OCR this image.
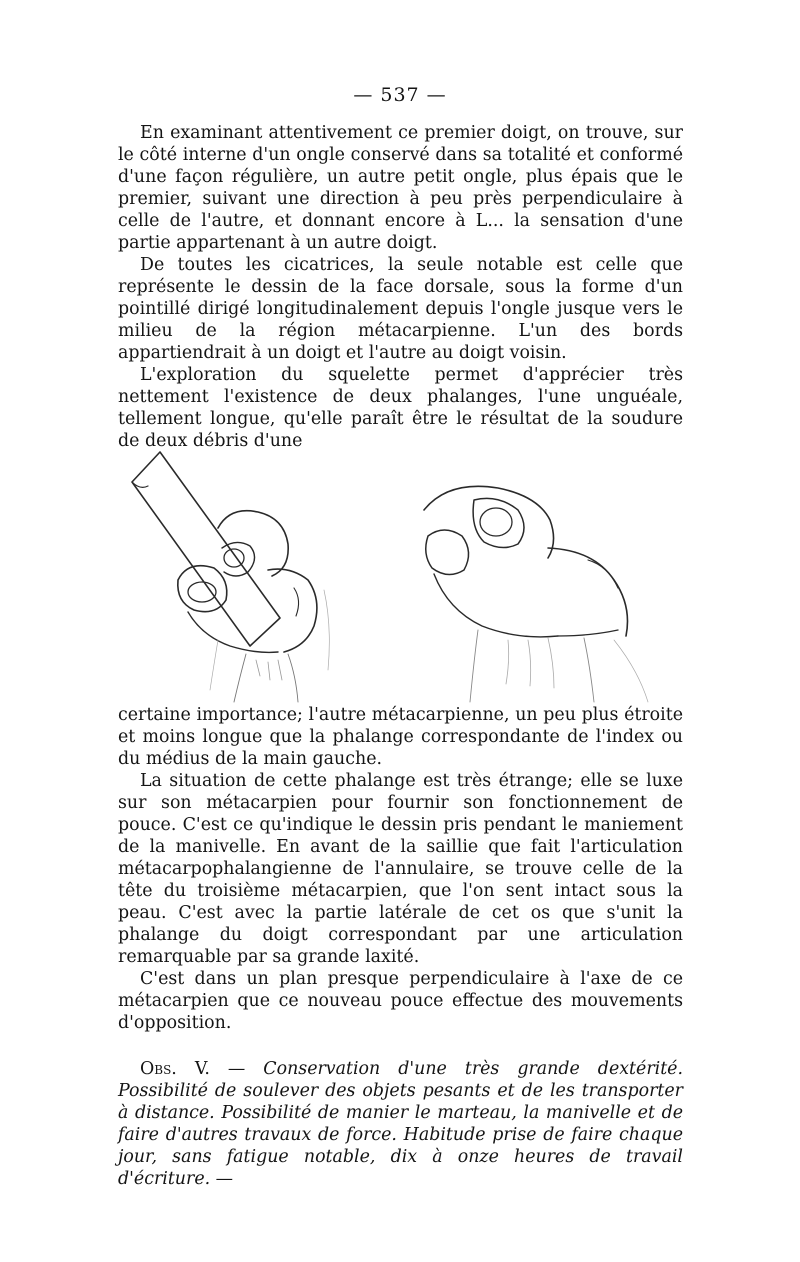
— 537 —

En examinant attentivement ce premier doigt, on trouve, sur le côté interne d'un ongle conservé dans sa totalité et conformé d'une façon régulière, un autre petit ongle, plus épais que le premier, suivant une direction à peu près perpendiculaire à celle de l'autre, et donnant encore à L... la sensation d'une partie appartenant à un autre doigt.

De toutes les cicatrices, la seule notable est celle que représente le dessin de la face dorsale, sous la forme d'un pointillé dirigé longitudinalement depuis l'ongle jusque vers le milieu de la région métacarpienne. L'un des bords appartiendrait à un doigt et l'autre au doigt voisin.

L'exploration du squelette permet d'apprécier très nettement l'existence de deux phalanges, l'une unguéale, tellement longue, qu'elle paraît être le résultat de la soudure de deux débris d'une

certaine importance; l'autre métacarpienne, un peu plus étroite et moins longue que la phalange correspondante de l'index ou du médius de la main gauche.

La situation de cette phalange est très étrange; elle se luxe sur son métacarpien pour fournir son fonctionnement de pouce. C'est ce qu'indique le dessin pris pendant le maniement de la manivelle. En avant de la saillie que fait l'articulation métacarpophalangienne de l'annulaire, se trouve celle de la tête du troisième métacarpien, que l'on sent intact sous la peau. C'est avec la partie latérale de cet os que s'unit la phalange du doigt correspondant par une articulation remarquable par sa grande laxité.

C'est dans un plan presque perpendiculaire à l'axe de ce métacarpien que ce nouveau pouce effectue des mouvements d'opposition.

Obs. V. — Conservation d'une très grande dextérité. Possibilité de soulever des objets pesants et de les transporter à distance. Possibilité de manier le marteau, la manivelle et de faire d'autres travaux de force. Habitude prise de faire chaque jour, sans fatigue notable, dix à onze heures de travail d'écriture. —
